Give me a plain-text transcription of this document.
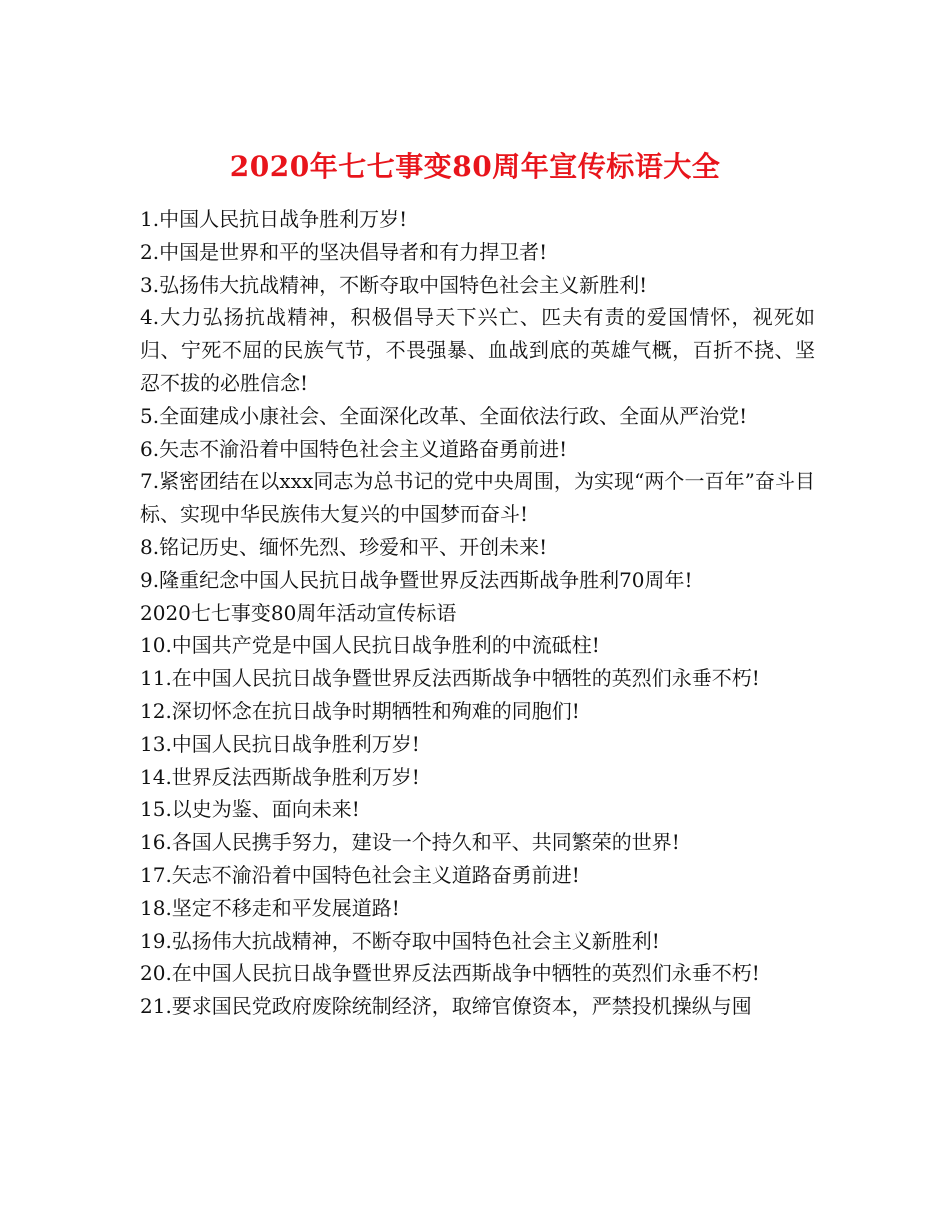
2020年七七事变80周年宣传标语大全

1.中国人民抗日战争胜利万岁!

2.中国是世界和平的坚决倡导者和有力捍卫者!

3.弘扬伟大抗战精神，不断夺取中国特色社会主义新胜利!

4.大力弘扬抗战精神，积极倡导天下兴亡、匹夫有责的爱国情怀，视死如归、宁死不屈的民族气节，不畏强暴、血战到底的英雄气概，百折不挠、坚忍不拔的必胜信念!

5.全面建成小康社会、全面深化改革、全面依法行政、全面从严治党!

6.矢志不渝沿着中国特色社会主义道路奋勇前进!

7.紧密团结在以xxx同志为总书记的党中央周围，为实现“两个一百年”奋斗目标、实现中华民族伟大复兴的中国梦而奋斗!

8.铭记历史、缅怀先烈、珍爱和平、开创未来!

9.隆重纪念中国人民抗日战争暨世界反法西斯战争胜利70周年!

2020七七事变80周年活动宣传标语

10.中国共产党是中国人民抗日战争胜利的中流砥柱!

11.在中国人民抗日战争暨世界反法西斯战争中牺牲的英烈们永垂不朽!

12.深切怀念在抗日战争时期牺牲和殉难的同胞们!

13.中国人民抗日战争胜利万岁!

14.世界反法西斯战争胜利万岁!

15.以史为鉴、面向未来!

16.各国人民携手努力，建设一个持久和平、共同繁荣的世界!

17.矢志不渝沿着中国特色社会主义道路奋勇前进!

18.坚定不移走和平发展道路!

19.弘扬伟大抗战精神，不断夺取中国特色社会主义新胜利!

20.在中国人民抗日战争暨世界反法西斯战争中牺牲的英烈们永垂不朽!

21.要求国民党政府废除统制经济，取缔官僚资本，严禁投机操纵与囤
